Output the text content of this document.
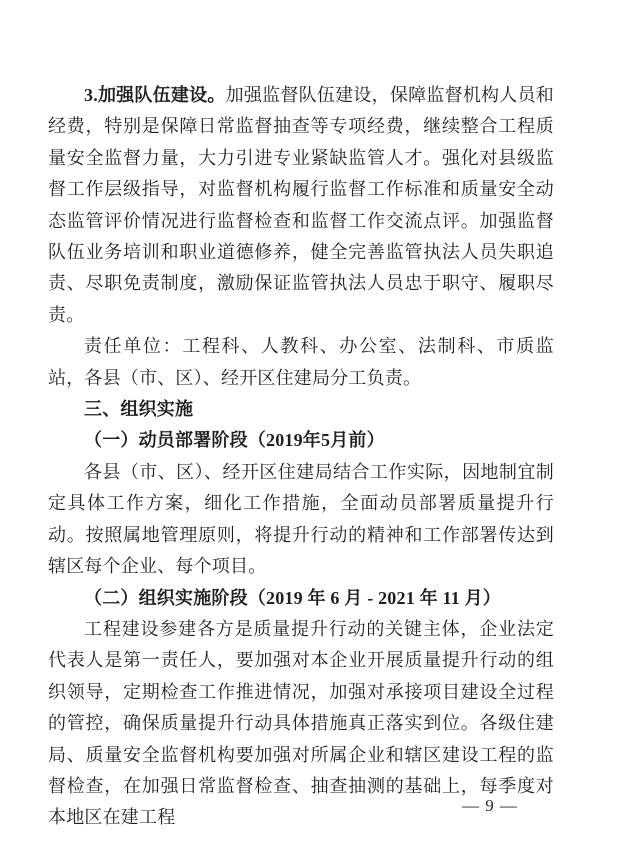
3.加强队伍建设。加强监督队伍建设，保障监督机构人员和经费，特别是保障日常监督抽查等专项经费，继续整合工程质量安全监督力量，大力引进专业紧缺监管人才。强化对县级监督工作层级指导，对监督机构履行监督工作标准和质量安全动态监管评价情况进行监督检查和监督工作交流点评。加强监督队伍业务培训和职业道德修养，健全完善监管执法人员失职追责、尽职免责制度，激励保证监管执法人员忠于职守、履职尽责。

责任单位：工程科、人教科、办公室、法制科、市质监站，各县（市、区）、经开区住建局分工负责。

三、组织实施

（一）动员部署阶段（2019年5月前）

各县（市、区）、经开区住建局结合工作实际，因地制宜制定具体工作方案，细化工作措施，全面动员部署质量提升行动。按照属地管理原则，将提升行动的精神和工作部署传达到辖区每个企业、每个项目。

（二）组织实施阶段（2019 年 6 月 - 2021 年 11 月）

工程建设参建各方是质量提升行动的关键主体，企业法定代表人是第一责任人，要加强对本企业开展质量提升行动的组织领导，定期检查工作推进情况，加强对承接项目建设全过程的管控，确保质量提升行动具体措施真正落实到位。各级住建局、质量安全监督机构要加强对所属企业和辖区建设工程的监督检查，在加强日常监督检查、抽查抽测的基础上，每季度对本地区在建工程

— 9 —
